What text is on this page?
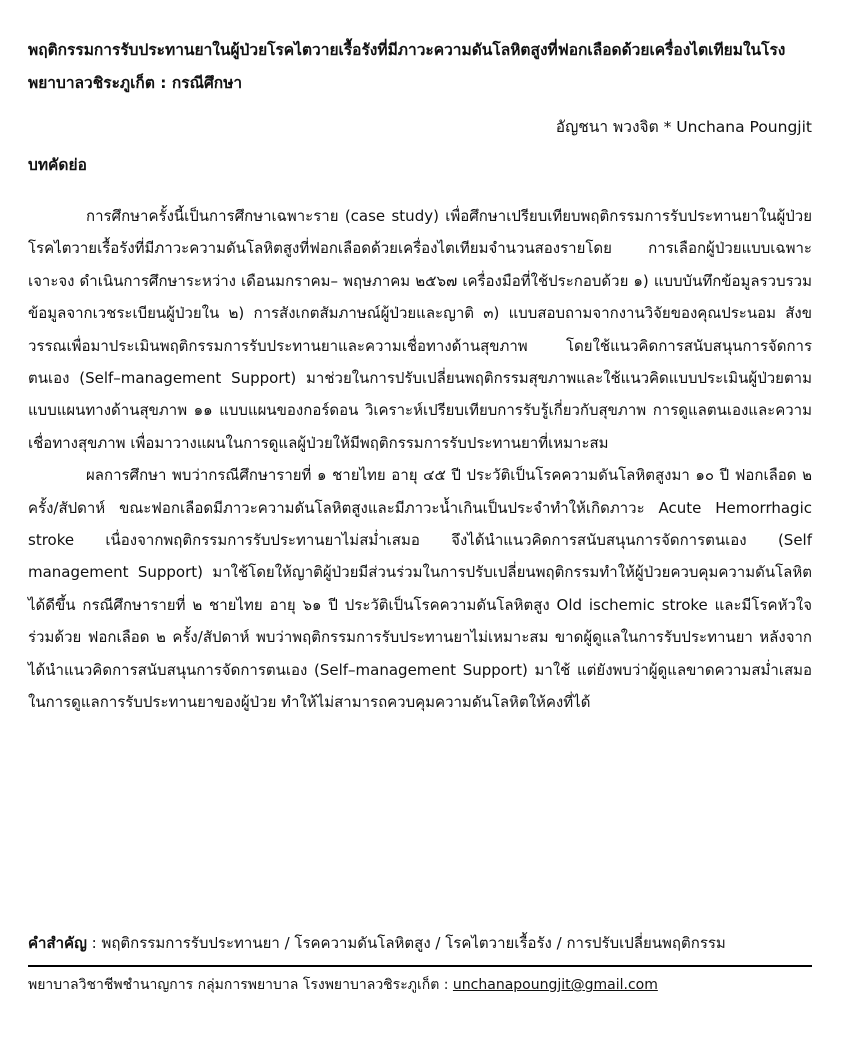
พฤติกรรมการรับประทานยาในผู้ป่วยโรคไตวายเรื้อรังที่มีภาวะความดันโลหิตสูงที่ฟอกเลือดด้วยเครื่องไตเทียมในโรงพยาบาลวชิระภูเก็ต : กรณีศึกษา
อัญชนา พวงจิต * Unchana Poungjit
บทคัดย่อ

การศึกษาครั้งนี้เป็นการศึกษาเฉพาะราย (case study) เพื่อศึกษาเปรียบเทียบพฤติกรรมการรับประทานยาในผู้ป่วยโรคไตวายเรื้อรังที่มีภาวะความดันโลหิตสูงที่ฟอกเลือดด้วยเครื่องไตเทียมจำนวนสองรายโดย การเลือกผู้ป่วยแบบเฉพาะเจาะจง ดำเนินการศึกษาระหว่าง เดือนมกราคม– พฤษภาคม ๒๕๖๗ เครื่องมือที่ใช้ประกอบด้วย ๑) แบบบันทึกข้อมูลรวบรวมข้อมูลจากเวชระเบียนผู้ป่วยใน ๒) การสังเกตสัมภาษณ์ผู้ป่วยและญาติ ๓) แบบสอบถามจากงานวิจัยของคุณประนอม สังขวรรณเพื่อมาประเมินพฤติกรรมการรับประทานยาและความเชื่อทางด้านสุขภาพ โดยใช้แนวคิดการสนับสนุนการจัดการตนเอง (Self–management Support) มาช่วยในการปรับเปลี่ยนพฤติกรรมสุขภาพและใช้แนวคิดแบบประเมินผู้ป่วยตามแบบแผนทางด้านสุขภาพ ๑๑ แบบแผนของกอร์ดอน วิเคราะห์เปรียบเทียบการรับรู้เกี่ยวกับสุขภาพ การดูแลตนเองและความเชื่อทางสุขภาพ เพื่อมาวางแผนในการดูแลผู้ป่วยให้มีพฤติกรรมการรับประทานยาที่เหมาะสม

ผลการศึกษา พบว่ากรณีศึกษารายที่ ๑ ชายไทย อายุ ๔๕ ปี ประวัติเป็นโรคความดันโลหิตสูงมา ๑๐ ปี ฟอกเลือด ๒ ครั้ง/สัปดาห์ ขณะฟอกเลือดมีภาวะความดันโลหิตสูงและมีภาวะน้ำเกินเป็นประจำทำให้เกิดภาวะ Acute Hemorrhagic stroke เนื่องจากพฤติกรรมการรับประทานยาไม่สม่ำเสมอ จึงได้นำแนวคิดการสนับสนุนการจัดการตนเอง (Self management Support) มาใช้โดยให้ญาติผู้ป่วยมีส่วนร่วมในการปรับเปลี่ยนพฤติกรรมทำให้ผู้ป่วยควบคุมความดันโลหิตได้ดีขึ้น กรณีศึกษารายที่ ๒ ชายไทย อายุ ๖๑ ปี ประวัติเป็นโรคความดันโลหิตสูง Old ischemic stroke และมีโรคหัวใจร่วมด้วย ฟอกเลือด ๒ ครั้ง/สัปดาห์ พบว่าพฤติกรรมการรับประทานยาไม่เหมาะสม ขาดผู้ดูแลในการรับประทานยา หลังจากได้นำแนวคิดการสนับสนุนการจัดการตนเอง (Self–management Support) มาใช้ แต่ยังพบว่าผู้ดูแลขาดความสม่ำเสมอในการดูแลการรับประทานยาของผู้ป่วย ทำให้ไม่สามารถควบคุมความดันโลหิตให้คงที่ได้

คำสำคัญ : พฤติกรรมการรับประทานยา / โรคความดันโลหิตสูง / โรคไตวายเรื้อรัง / การปรับเปลี่ยนพฤติกรรม
พยาบาลวิชาชีพชำนาญการ กลุ่มการพยาบาล โรงพยาบาลวชิระภูเก็ต : unchanapoungjit@gmail.com
